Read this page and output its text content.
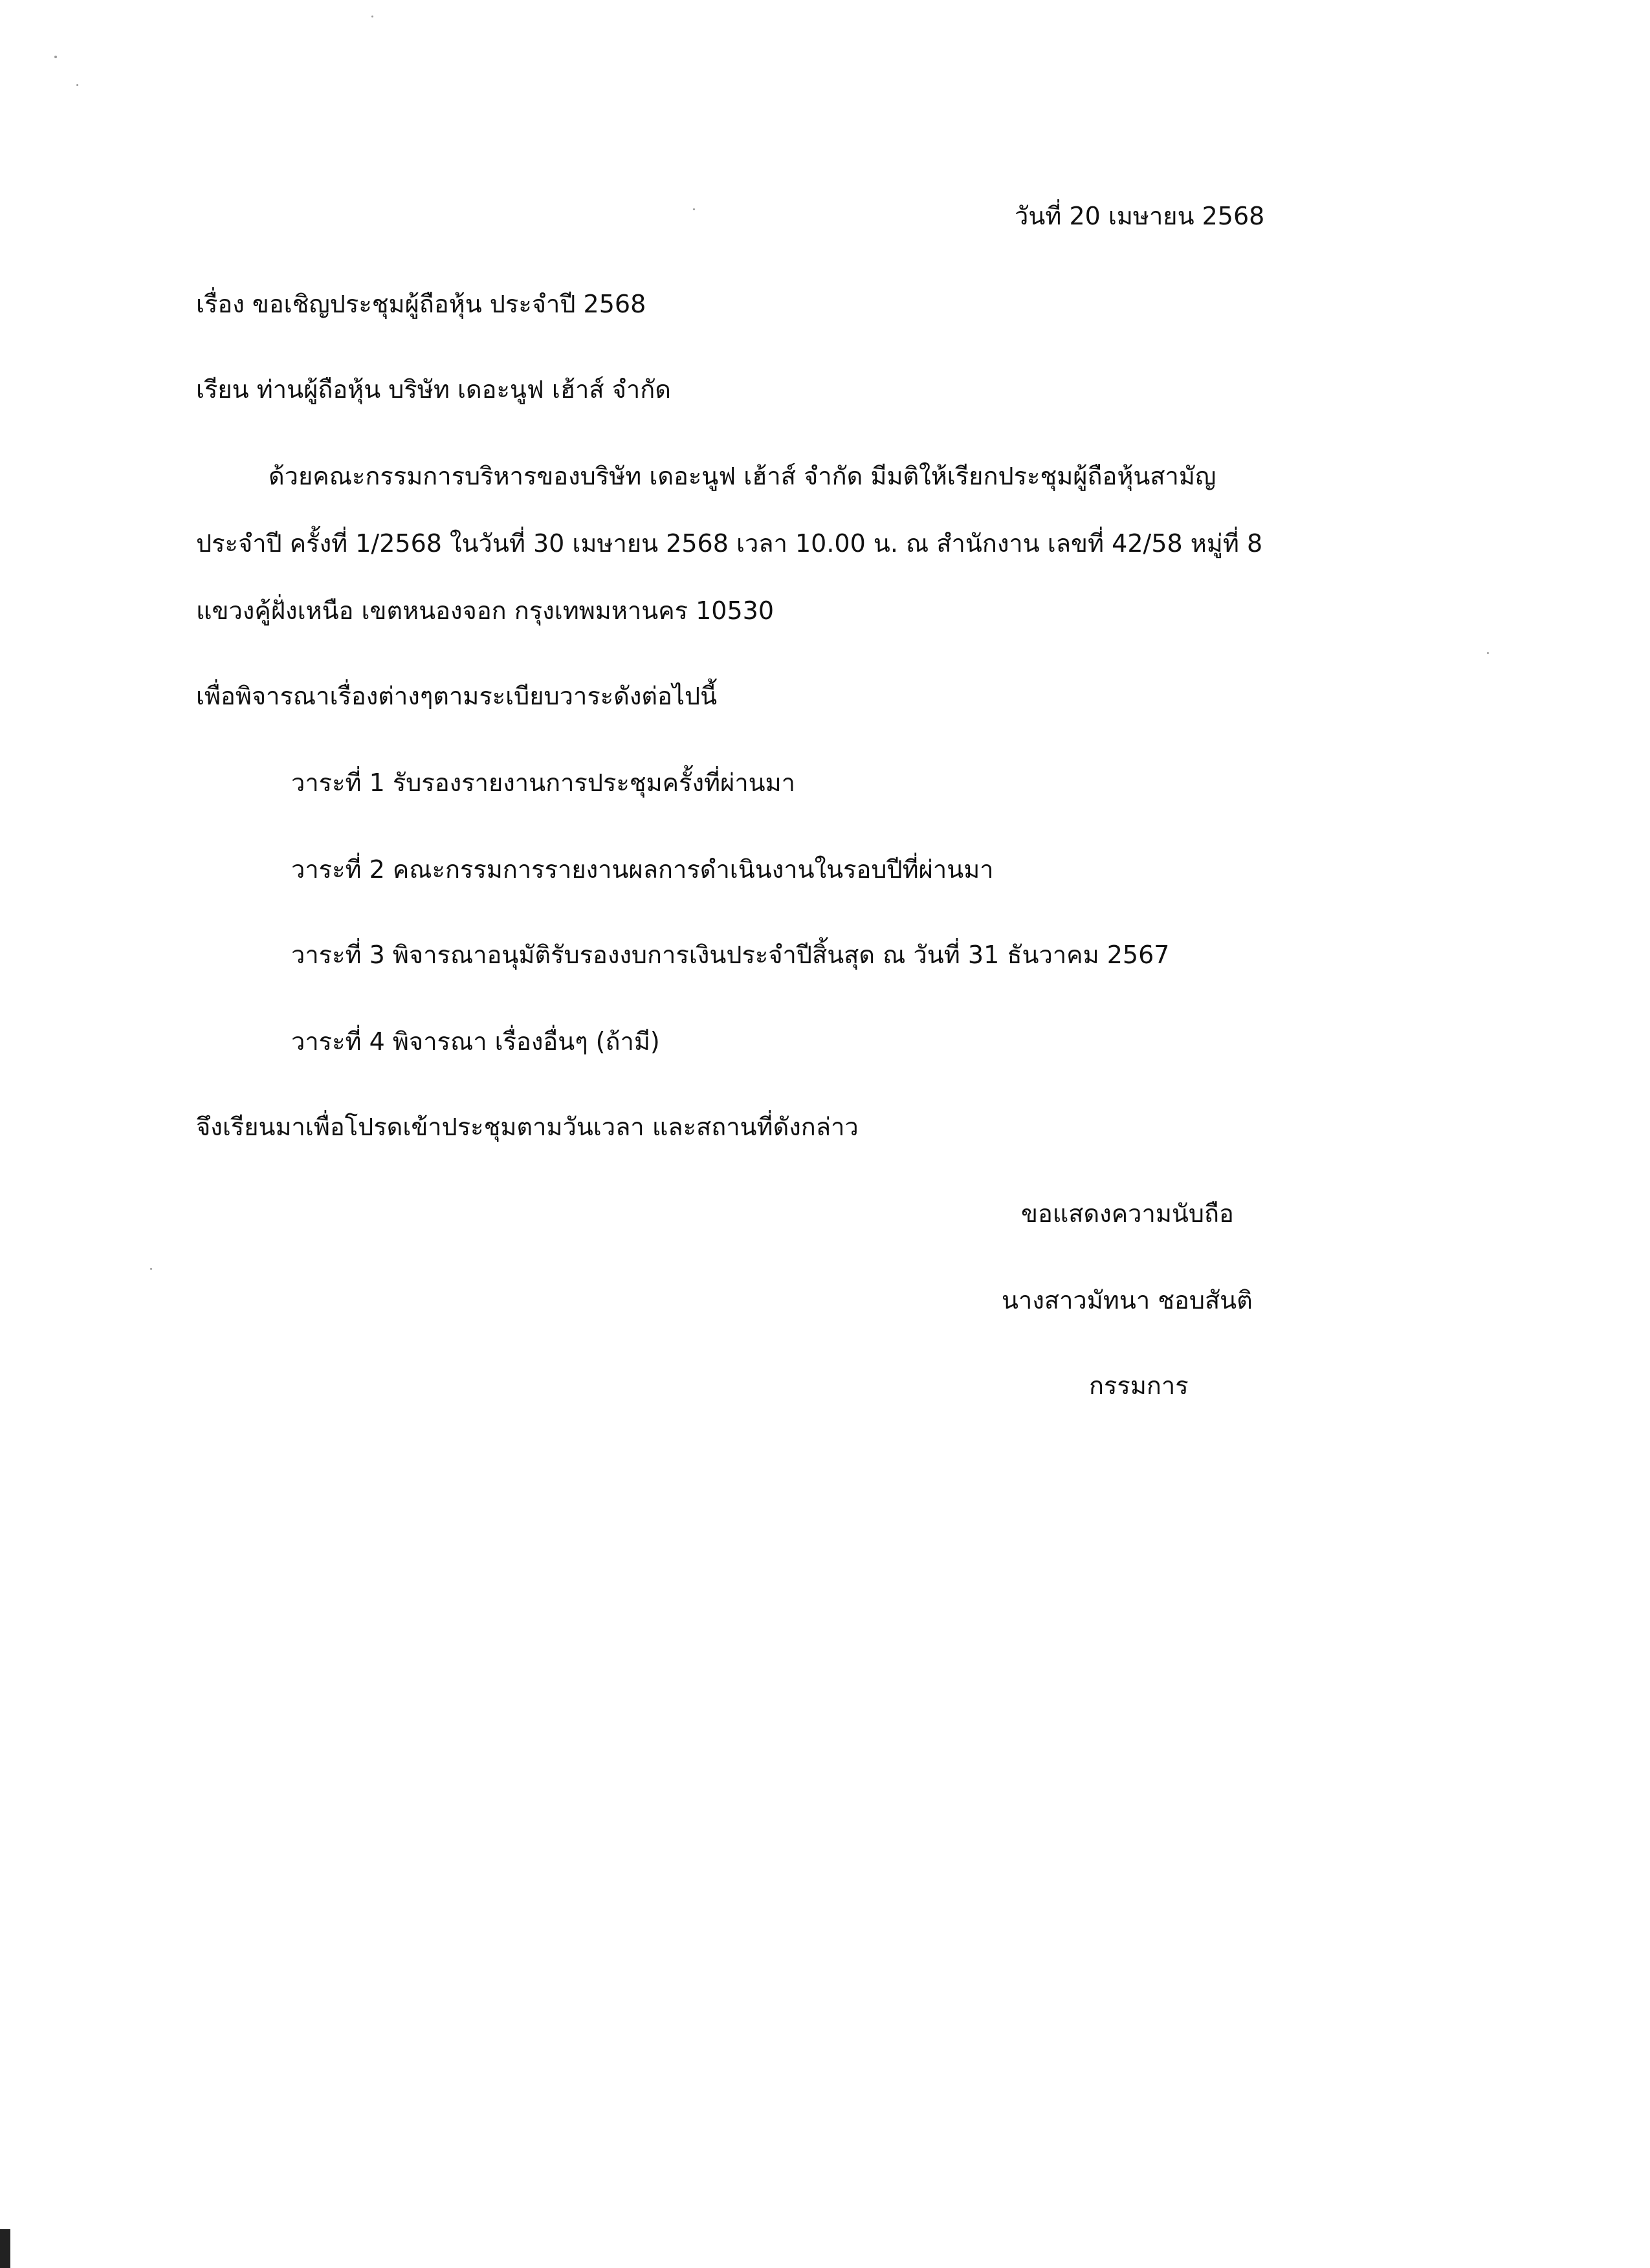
วันที่ 20 เมษายน 2568
เรื่อง ขอเชิญประชุมผู้ถือหุ้น ประจำปี 2568
เรียน ท่านผู้ถือหุ้น บริษัท เดอะนูฟ เฮ้าส์ จำกัด
ด้วยคณะกรรมการบริหารของบริษัท เดอะนูฟ เฮ้าส์ จำกัด มีมติให้เรียกประชุมผู้ถือหุ้นสามัญ
ประจำปี ครั้งที่ 1/2568 ในวันที่ 30 เมษายน 2568 เวลา 10.00 น. ณ สำนักงาน เลขที่ 42/58 หมู่ที่ 8
แขวงคู้ฝั่งเหนือ เขตหนองจอก กรุงเทพมหานคร 10530
เพื่อพิจารณาเรื่องต่างๆตามระเบียบวาระดังต่อไปนี้
วาระที่ 1 รับรองรายงานการประชุมครั้งที่ผ่านมา
วาระที่ 2 คณะกรรมการรายงานผลการดำเนินงานในรอบปีที่ผ่านมา
วาระที่ 3 พิจารณาอนุมัติรับรองงบการเงินประจำปีสิ้นสุด ณ วันที่ 31 ธันวาคม 2567
วาระที่ 4 พิจารณา เรื่องอื่นๆ (ถ้ามี)
จึงเรียนมาเพื่อโปรดเข้าประชุมตามวันเวลา และสถานที่ดังกล่าว
ขอแสดงความนับถือ
นางสาวมัทนา ชอบสันติ
กรรมการ
